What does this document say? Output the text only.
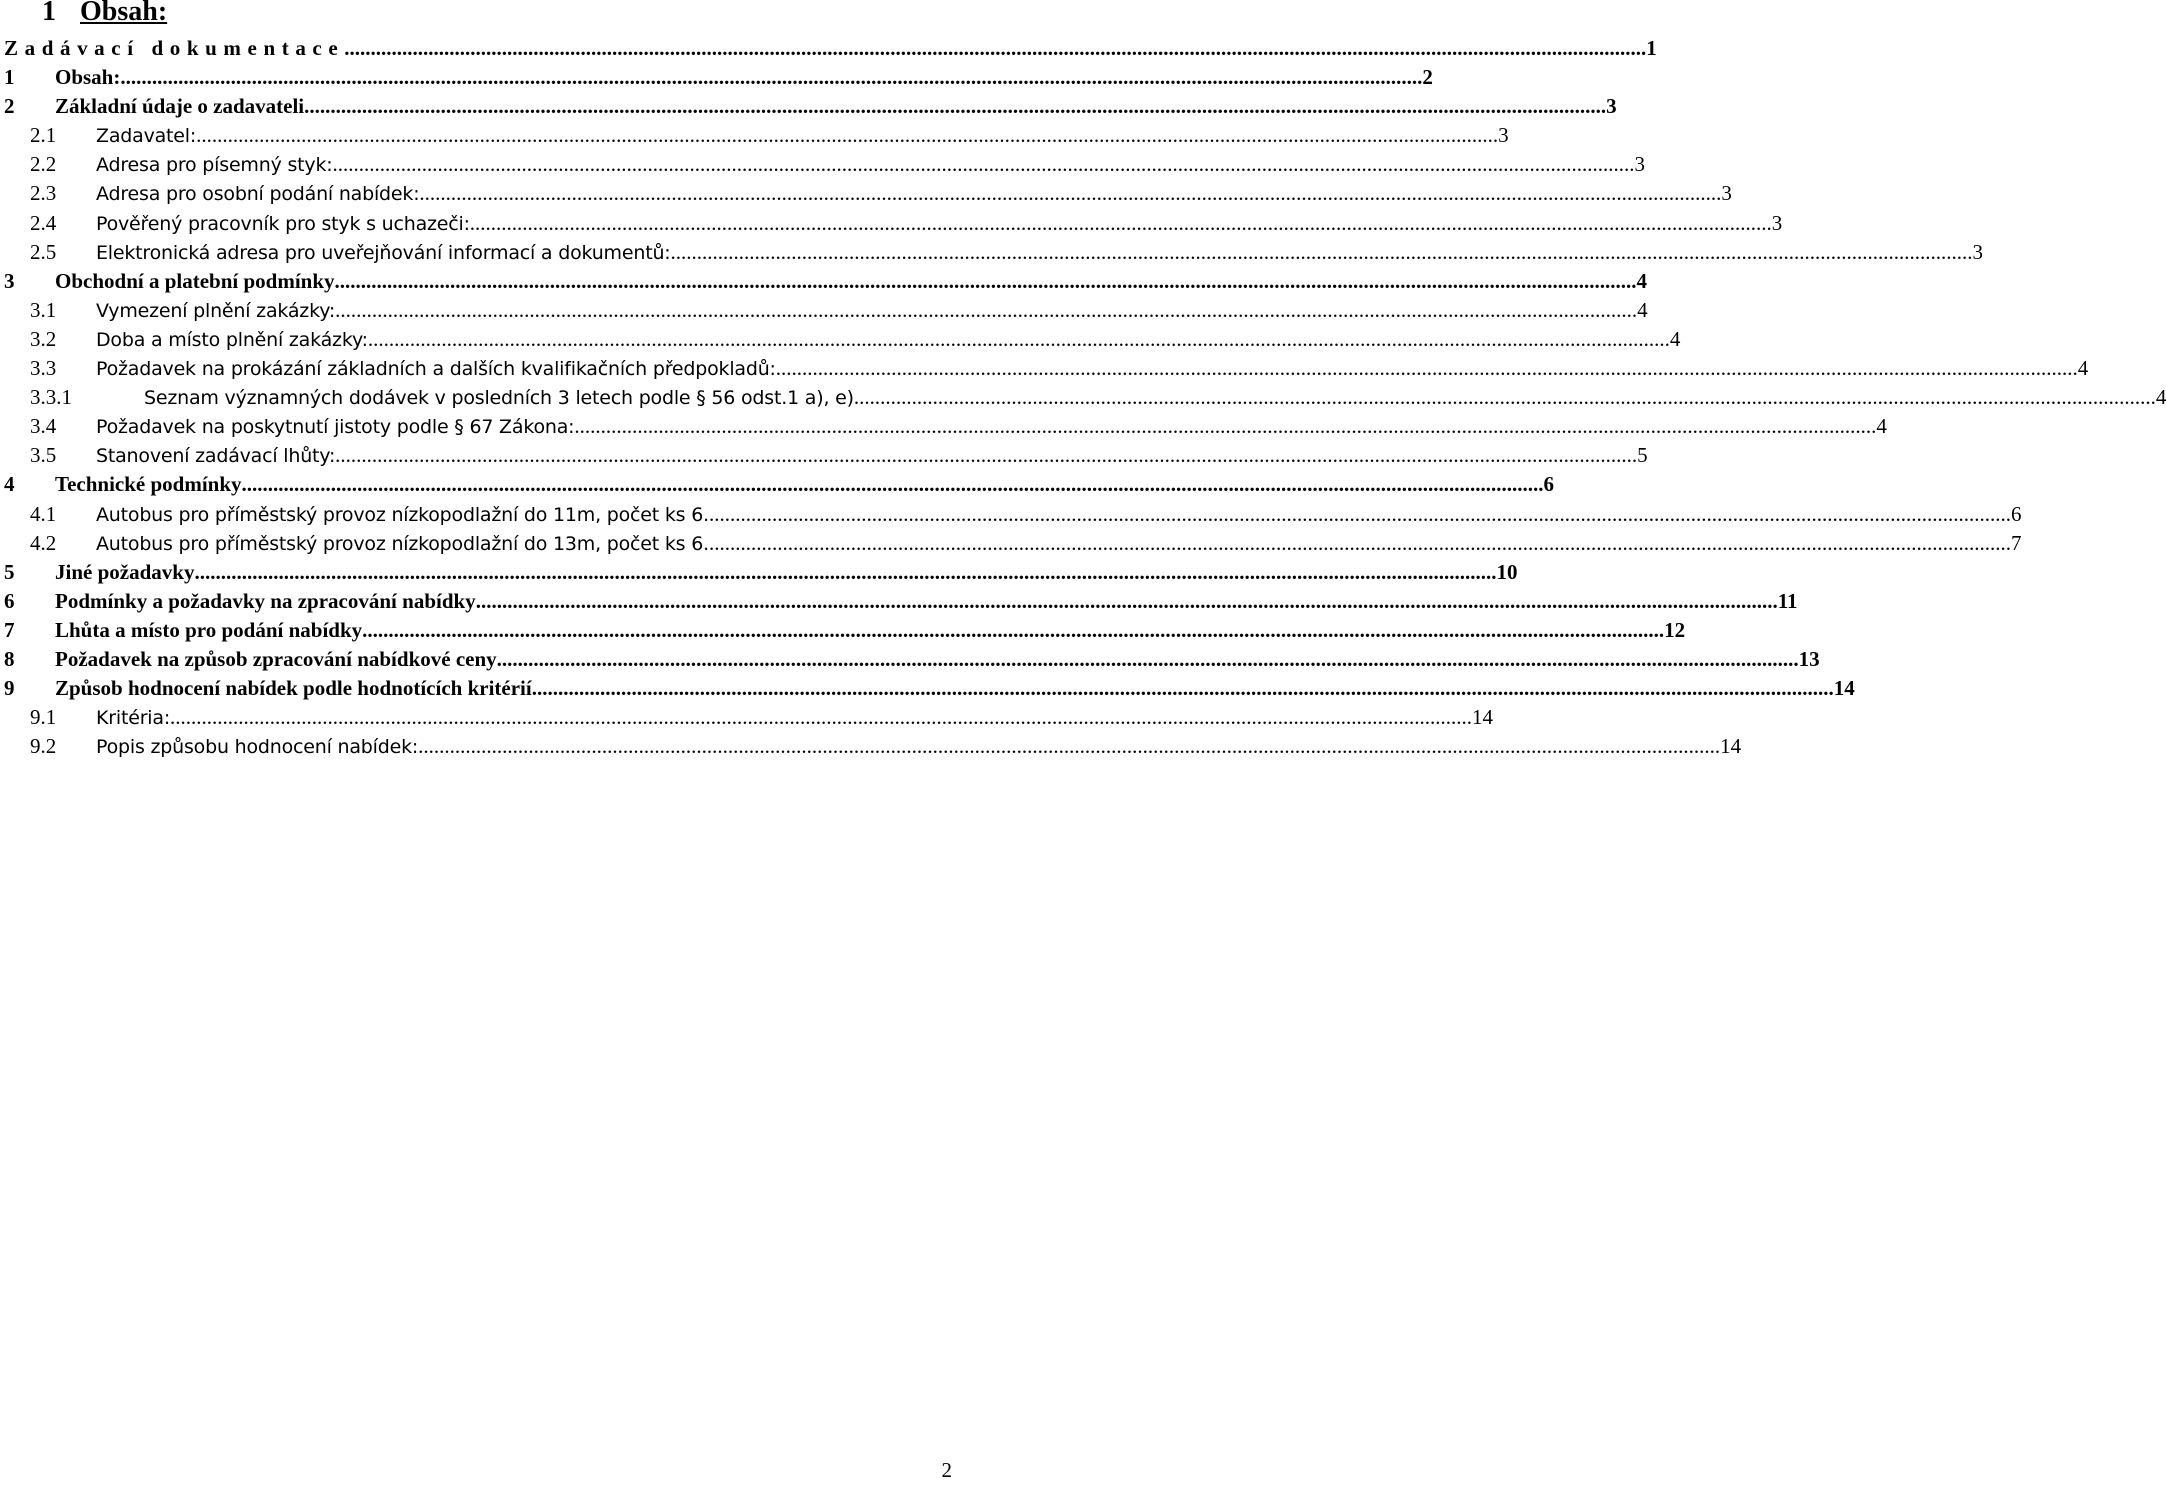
1 Obsah:
Zadávací dokumentace ........................................................................................................................................................................................................................................................ 1
1 Obsah: ........................................................................................................................................................................................................................................................ 2
2 Základní údaje o zadavateli ........................................................................................................................................................................................................................................................ 3
2.1 Zadavatel: ........................................................................................................................................................................................................................................................ 3
2.2 Adresa pro písemný styk: ........................................................................................................................................................................................................................................................ 3
2.3 Adresa pro osobní podání nabídek: ........................................................................................................................................................................................................................................................ 3
2.4 Pověřený pracovník pro styk s uchazeči: ........................................................................................................................................................................................................................................................ 3
2.5 Elektronická adresa pro uveřejňování informací a dokumentů: ........................................................................................................................................................................................................................................................ 3
3 Obchodní a platební podmínky ........................................................................................................................................................................................................................................................ 4
3.1 Vymezení plnění zakázky: ........................................................................................................................................................................................................................................................ 4
3.2 Doba a místo plnění zakázky: ........................................................................................................................................................................................................................................................ 4
3.3 Požadavek na prokázání základních a dalších kvalifikačních předpokladů: ........................................................................................................................................................................................................................................................ 4
3.3.1	Seznam významných dodávek v posledních 3 letech podle § 56 odst.1 a), e) ........................................................................................................................................................................................................................................................ 4
3.4 Požadavek na poskytnutí jistoty podle § 67 Zákona: ........................................................................................................................................................................................................................................................ 4
3.5 Stanovení zadávací lhůty: ........................................................................................................................................................................................................................................................ 5
4 Technické podmínky ........................................................................................................................................................................................................................................................ 6
4.1 Autobus pro příměstský provoz nízkopodlažní do 11m, počet ks 6. ........................................................................................................................................................................................................................................................ 6
4.2 Autobus pro příměstský provoz nízkopodlažní do 13m, počet ks 6. ........................................................................................................................................................................................................................................................ 7
5 Jiné požadavky ........................................................................................................................................................................................................................................................ 10
6 Podmínky a požadavky na zpracování nabídky ........................................................................................................................................................................................................................................................ 11
7 Lhůta a místo pro podání nabídky ........................................................................................................................................................................................................................................................ 12
8 Požadavek na způsob zpracování nabídkové ceny ........................................................................................................................................................................................................................................................ 13
9 Způsob hodnocení nabídek podle hodnotících kritérií ........................................................................................................................................................................................................................................................ 14
9.1 Kritéria: ........................................................................................................................................................................................................................................................ 14
9.2 Popis způsobu hodnocení nabídek: ........................................................................................................................................................................................................................................................ 14
2
